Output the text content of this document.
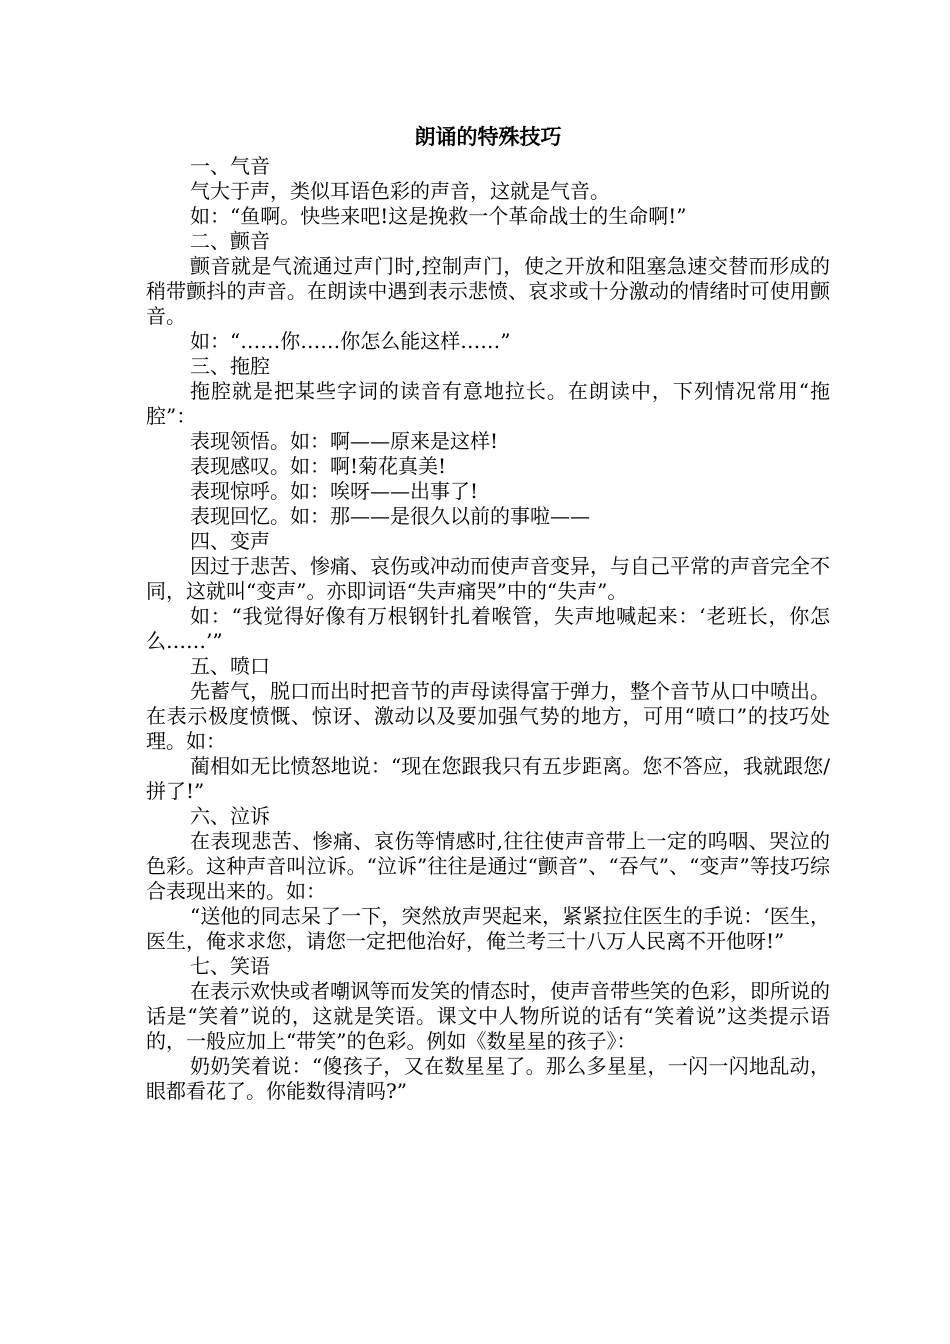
朗诵的特殊技巧

一、气音

气大于声，类似耳语色彩的声音，这就是气音。

如：“鱼啊。快些来吧!这是挽救一个革命战士的生命啊!”

二、颤音

颤音就是气流通过声门时,控制声门，使之开放和阻塞急速交替而形成的稍带颤抖的声音。在朗读中遇到表示悲愤、哀求或十分激动的情绪时可使用颤音。

如：“……你……你怎么能这样……”

三、拖腔

拖腔就是把某些字词的读音有意地拉长。在朗读中，下列情况常用“拖腔”：

表现领悟。如：啊——原来是这样!

表现感叹。如：啊!菊花真美!

表现惊呼。如：唉呀——出事了!

表现回忆。如：那——是很久以前的事啦——

四、变声

因过于悲苦、惨痛、哀伤或冲动而使声音变异，与自己平常的声音完全不同，这就叫“变声”。亦即词语“失声痛哭”中的“失声”。

如：“我觉得好像有万根钢针扎着喉管，失声地喊起来：‘老班长，你怎么……’”

五、喷口

先蓄气，脱口而出时把音节的声母读得富于弹力，整个音节从口中喷出。在表示极度愤慨、惊讶、激动以及要加强气势的地方，可用“喷口”的技巧处理。如：

蔺相如无比愤怒地说：“现在您跟我只有五步距离。您不答应，我就跟您/拼了!”

六、泣诉

在表现悲苦、惨痛、哀伤等情感时,往往使声音带上一定的呜咽、哭泣的色彩。这种声音叫泣诉。“泣诉”往往是通过“颤音”、“吞气”、“变声”等技巧综合表现出来的。如：

“送他的同志呆了一下，突然放声哭起来，紧紧拉住医生的手说：‘医生，医生，俺求求您，请您一定把他治好，俺兰考三十八万人民离不开他呀!”

七、笑语

在表示欢快或者嘲讽等而发笑的情态时，使声音带些笑的色彩，即所说的话是“笑着”说的，这就是笑语。课文中人物所说的话有“笑着说”这类提示语的，一般应加上“带笑”的色彩。例如《数星星的孩子》：

奶奶笑着说：“傻孩子，又在数星星了。那么多星星，一闪一闪地乱动，眼都看花了。你能数得清吗?”
